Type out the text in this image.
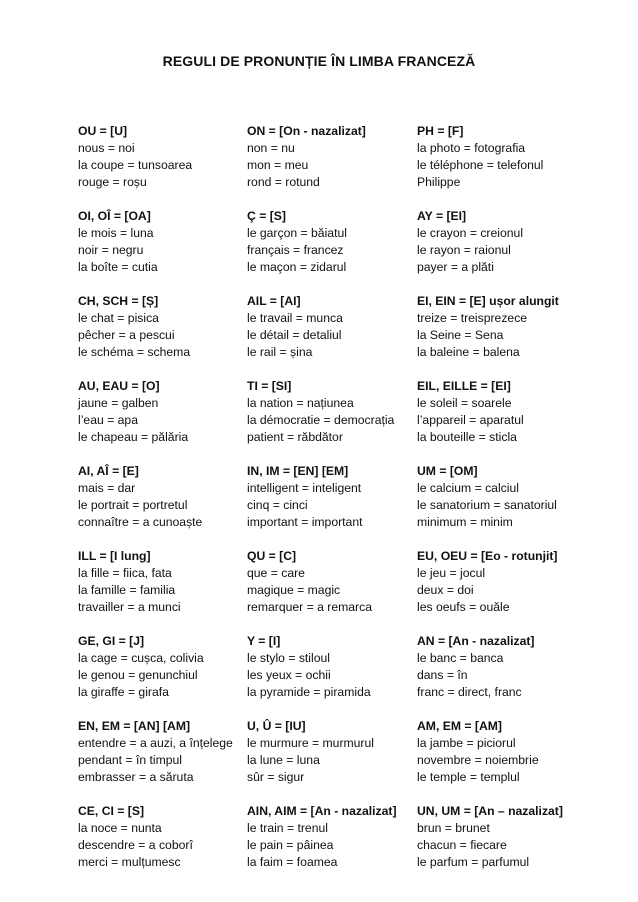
REGULI DE PRONUNȚIE ÎN LIMBA FRANCEZĂ
OU = [U]
nous = noi
la coupe = tunsoarea
rouge = roșu
ON = [On - nazalizat]
non = nu
mon = meu
rond = rotund
PH = [F]
la photo = fotografia
le téléphone = telefonul
Philippe
OI, OÎ = [OA]
le mois = luna
noir = negru
la boîte = cutia
Ç = [S]
le garçon = băiatul
français = francez
le maçon = zidarul
AY = [EI]
le crayon = creionul
le rayon = raionul
payer = a plăti
CH, SCH = [Ș]
le chat = pisica
pêcher = a pescui
le schéma = schema
AIL = [AI]
le travail = munca
le détail = detaliul
le rail = șina
EI, EIN = [E] ușor alungit
treize = treisprezece
la Seine = Sena
la baleine = balena
AU, EAU = [O]
jaune = galben
l’eau = apa
le chapeau = pălăria
TI = [SI]
la nation = națiunea
la démocratie = democrația
patient = răbdător
EIL, EILLE = [EI]
le soleil = soarele
l’appareil = aparatul
la bouteille = sticla
AI, AÎ = [E]
mais = dar
le portrait = portretul
connaître = a cunoaște
IN, IM = [EN] [EM]
intelligent = inteligent
cinq = cinci
important = important
UM = [OM]
le calcium = calciul
le sanatorium = sanatoriul
minimum = minim
ILL = [I lung]
la fille = fiica, fata
la famille = familia
travailler = a munci
QU = [C]
que = care
magique = magic
remarquer = a remarca
EU, OEU = [Eo - rotunjit]
le jeu = jocul
deux = doi
les oeufs = ouăle
GE, GI = [J]
la cage = cușca, colivia
le genou = genunchiul
la giraffe = girafa
Y = [I]
le stylo = stiloul
les yeux = ochii
la pyramide = piramida
AN = [An - nazalizat]
le banc = banca
dans = în
franc = direct, franc
EN, EM = [AN] [AM]
entendre = a auzi, a înțelege
pendant = în timpul
embrasser = a săruta
U, Û = [IU]
le murmure = murmurul
la lune = luna
sûr = sigur
AM, EM = [AM]
la jambe = piciorul
novembre = noiembrie
le temple = templul
CE, CI = [S]
la noce = nunta
descendre = a coborî
merci = mulțumesc
AIN, AIM = [An - nazalizat]
le train = trenul
le pain = pâinea
la faim = foamea
UN, UM = [An – nazalizat]
brun = brunet
chacun = fiecare
le parfum = parfumul
